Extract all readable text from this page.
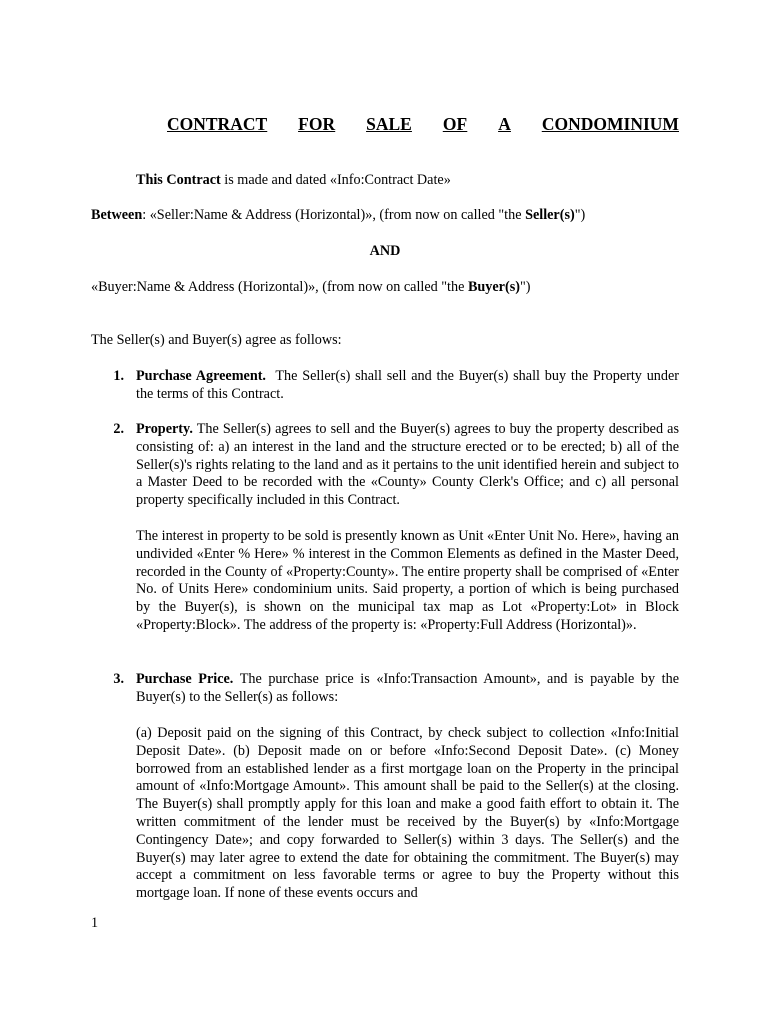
CONTRACT FOR SALE OF A CONDOMINIUM
This Contract is made and dated «Info:Contract Date»
Between: «Seller:Name & Address (Horizontal)», (from now on called "the Seller(s)")
AND
«Buyer:Name & Address (Horizontal)», (from now on called "the Buyer(s)")
The Seller(s) and Buyer(s) agree as follows:
1. Purchase Agreement. The Seller(s) shall sell and the Buyer(s) shall buy the Property under the terms of this Contract.
2. Property. The Seller(s) agrees to sell and the Buyer(s) agrees to buy the property described as consisting of: a) an interest in the land and the structure erected or to be erected; b) all of the Seller(s)'s rights relating to the land and as it pertains to the unit identified herein and subject to a Master Deed to be recorded with the «County» County Clerk's Office; and c) all personal property specifically included in this Contract.
The interest in property to be sold is presently known as Unit «Enter Unit No. Here», having an undivided «Enter % Here» % interest in the Common Elements as defined in the Master Deed, recorded in the County of «Property:County». The entire property shall be comprised of «Enter No. of Units Here» condominium units. Said property, a portion of which is being purchased by the Buyer(s), is shown on the municipal tax map as Lot «Property:Lot» in Block «Property:Block». The address of the property is: «Property:Full Address (Horizontal)».
3. Purchase Price. The purchase price is «Info:Transaction Amount», and is payable by the Buyer(s) to the Seller(s) as follows:
(a) Deposit paid on the signing of this Contract, by check subject to collection «Info:Initial Deposit Date». (b) Deposit made on or before «Info:Second Deposit Date». (c) Money borrowed from an established lender as a first mortgage loan on the Property in the principal amount of «Info:Mortgage Amount». This amount shall be paid to the Seller(s) at the closing. The Buyer(s) shall promptly apply for this loan and make a good faith effort to obtain it. The written commitment of the lender must be received by the Buyer(s) by «Info:Mortgage Contingency Date»; and copy forwarded to Seller(s) within 3 days. The Seller(s) and the Buyer(s) may later agree to extend the date for obtaining the commitment. The Buyer(s) may accept a commitment on less favorable terms or agree to buy the Property without this mortgage loan. If none of these events occurs and
1
